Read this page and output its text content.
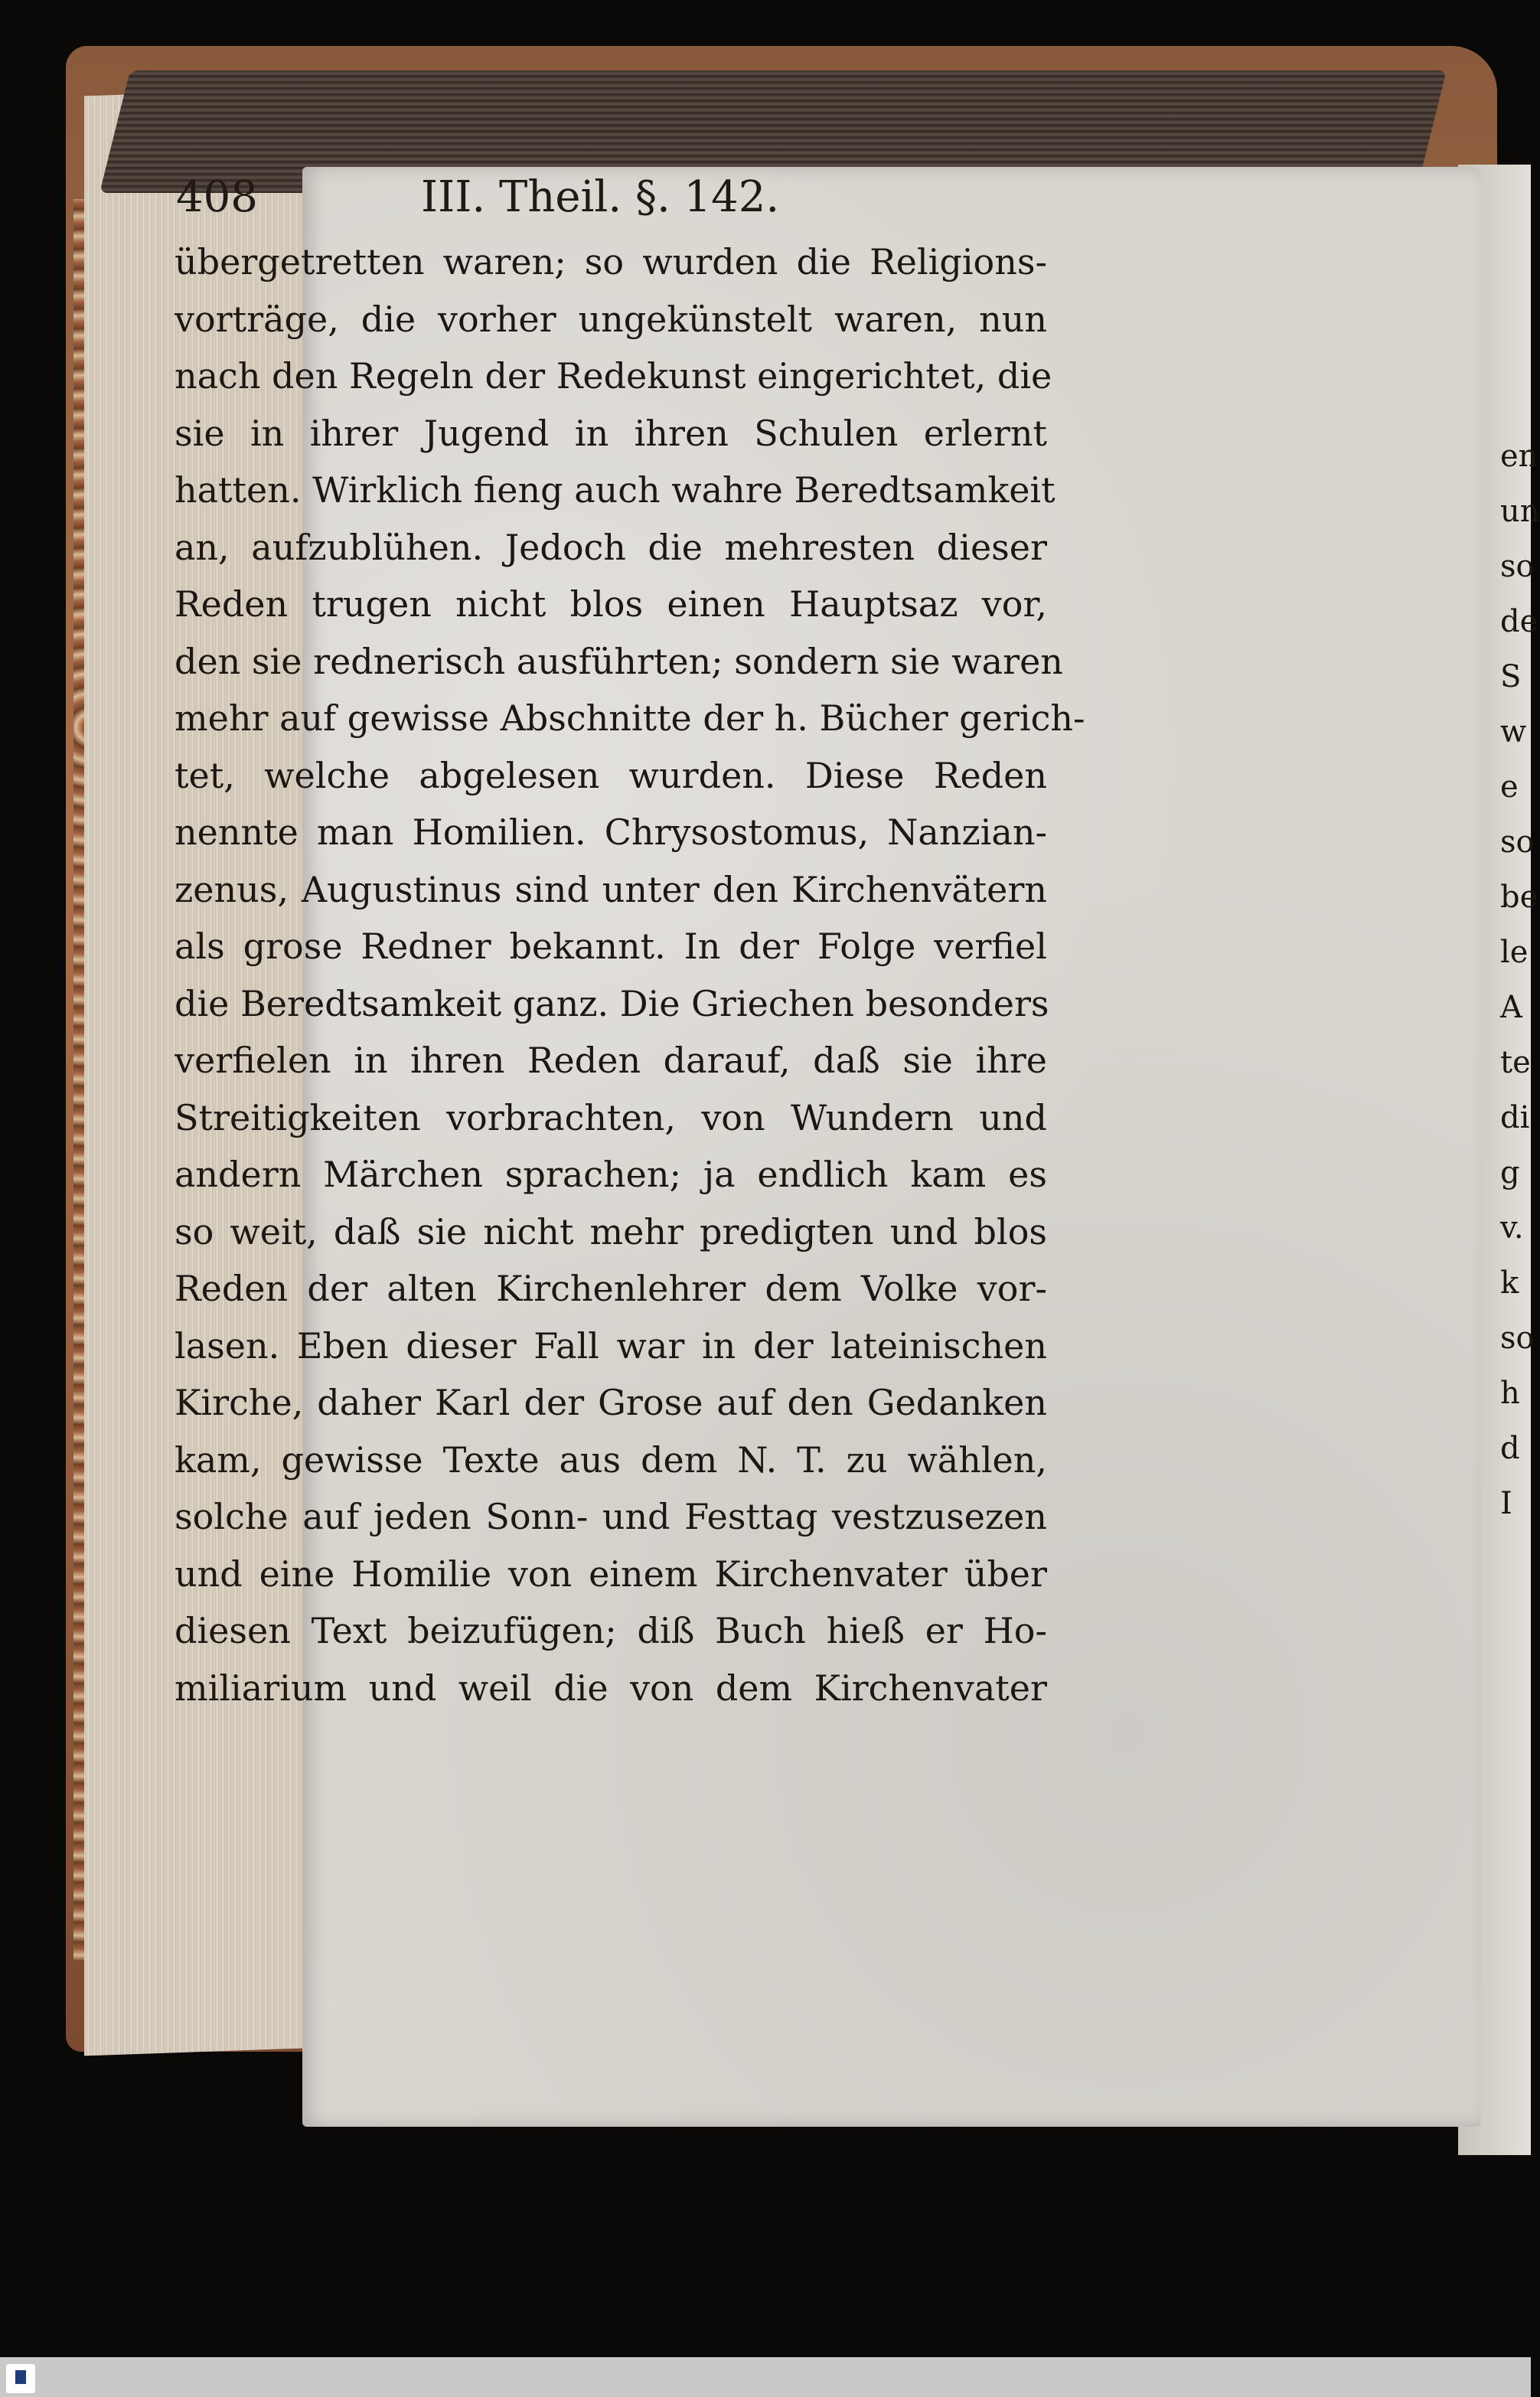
en
un
so
de
S
w
e
so
be
le
A
te
di
g
v.
k
so
h
d
I
408	III. Theil. §. 142.
übergetretten waren; so wurden die Religions-
vorträge, die vorher ungekünstelt waren, nun
nach den Regeln der Redekunst eingerichtet, die
sie in ihrer Jugend in ihren Schulen erlernt
hatten. Wirklich fieng auch wahre Beredtsamkeit
an, aufzublühen. Jedoch die mehresten dieser
Reden trugen nicht blos einen Hauptsaz vor,
den sie rednerisch ausführten; sondern sie waren
mehr auf gewisse Abschnitte der h. Bücher gerich-
tet, welche abgelesen wurden. Diese Reden
nennte man Homilien. Chrysostomus, Nanzian-
zenus, Augustinus sind unter den Kirchenvätern
als grose Redner bekannt. In der Folge verfiel
die Beredtsamkeit ganz. Die Griechen besonders
verfielen in ihren Reden darauf, daß sie ihre
Streitigkeiten vorbrachten, von Wundern und
andern Märchen sprachen; ja endlich kam es
so weit, daß sie nicht mehr predigten und blos
Reden der alten Kirchenlehrer dem Volke vor-
lasen. Eben dieser Fall war in der lateinischen
Kirche, daher Karl der Grose auf den Gedanken
kam, gewisse Texte aus dem N. T. zu wählen,
solche auf jeden Sonn- und Festtag vestzusezen
und eine Homilie von einem Kirchenvater über
diesen Text beizufügen; diß Buch hieß er Ho-
miliarium und weil die von dem Kirchenvater
